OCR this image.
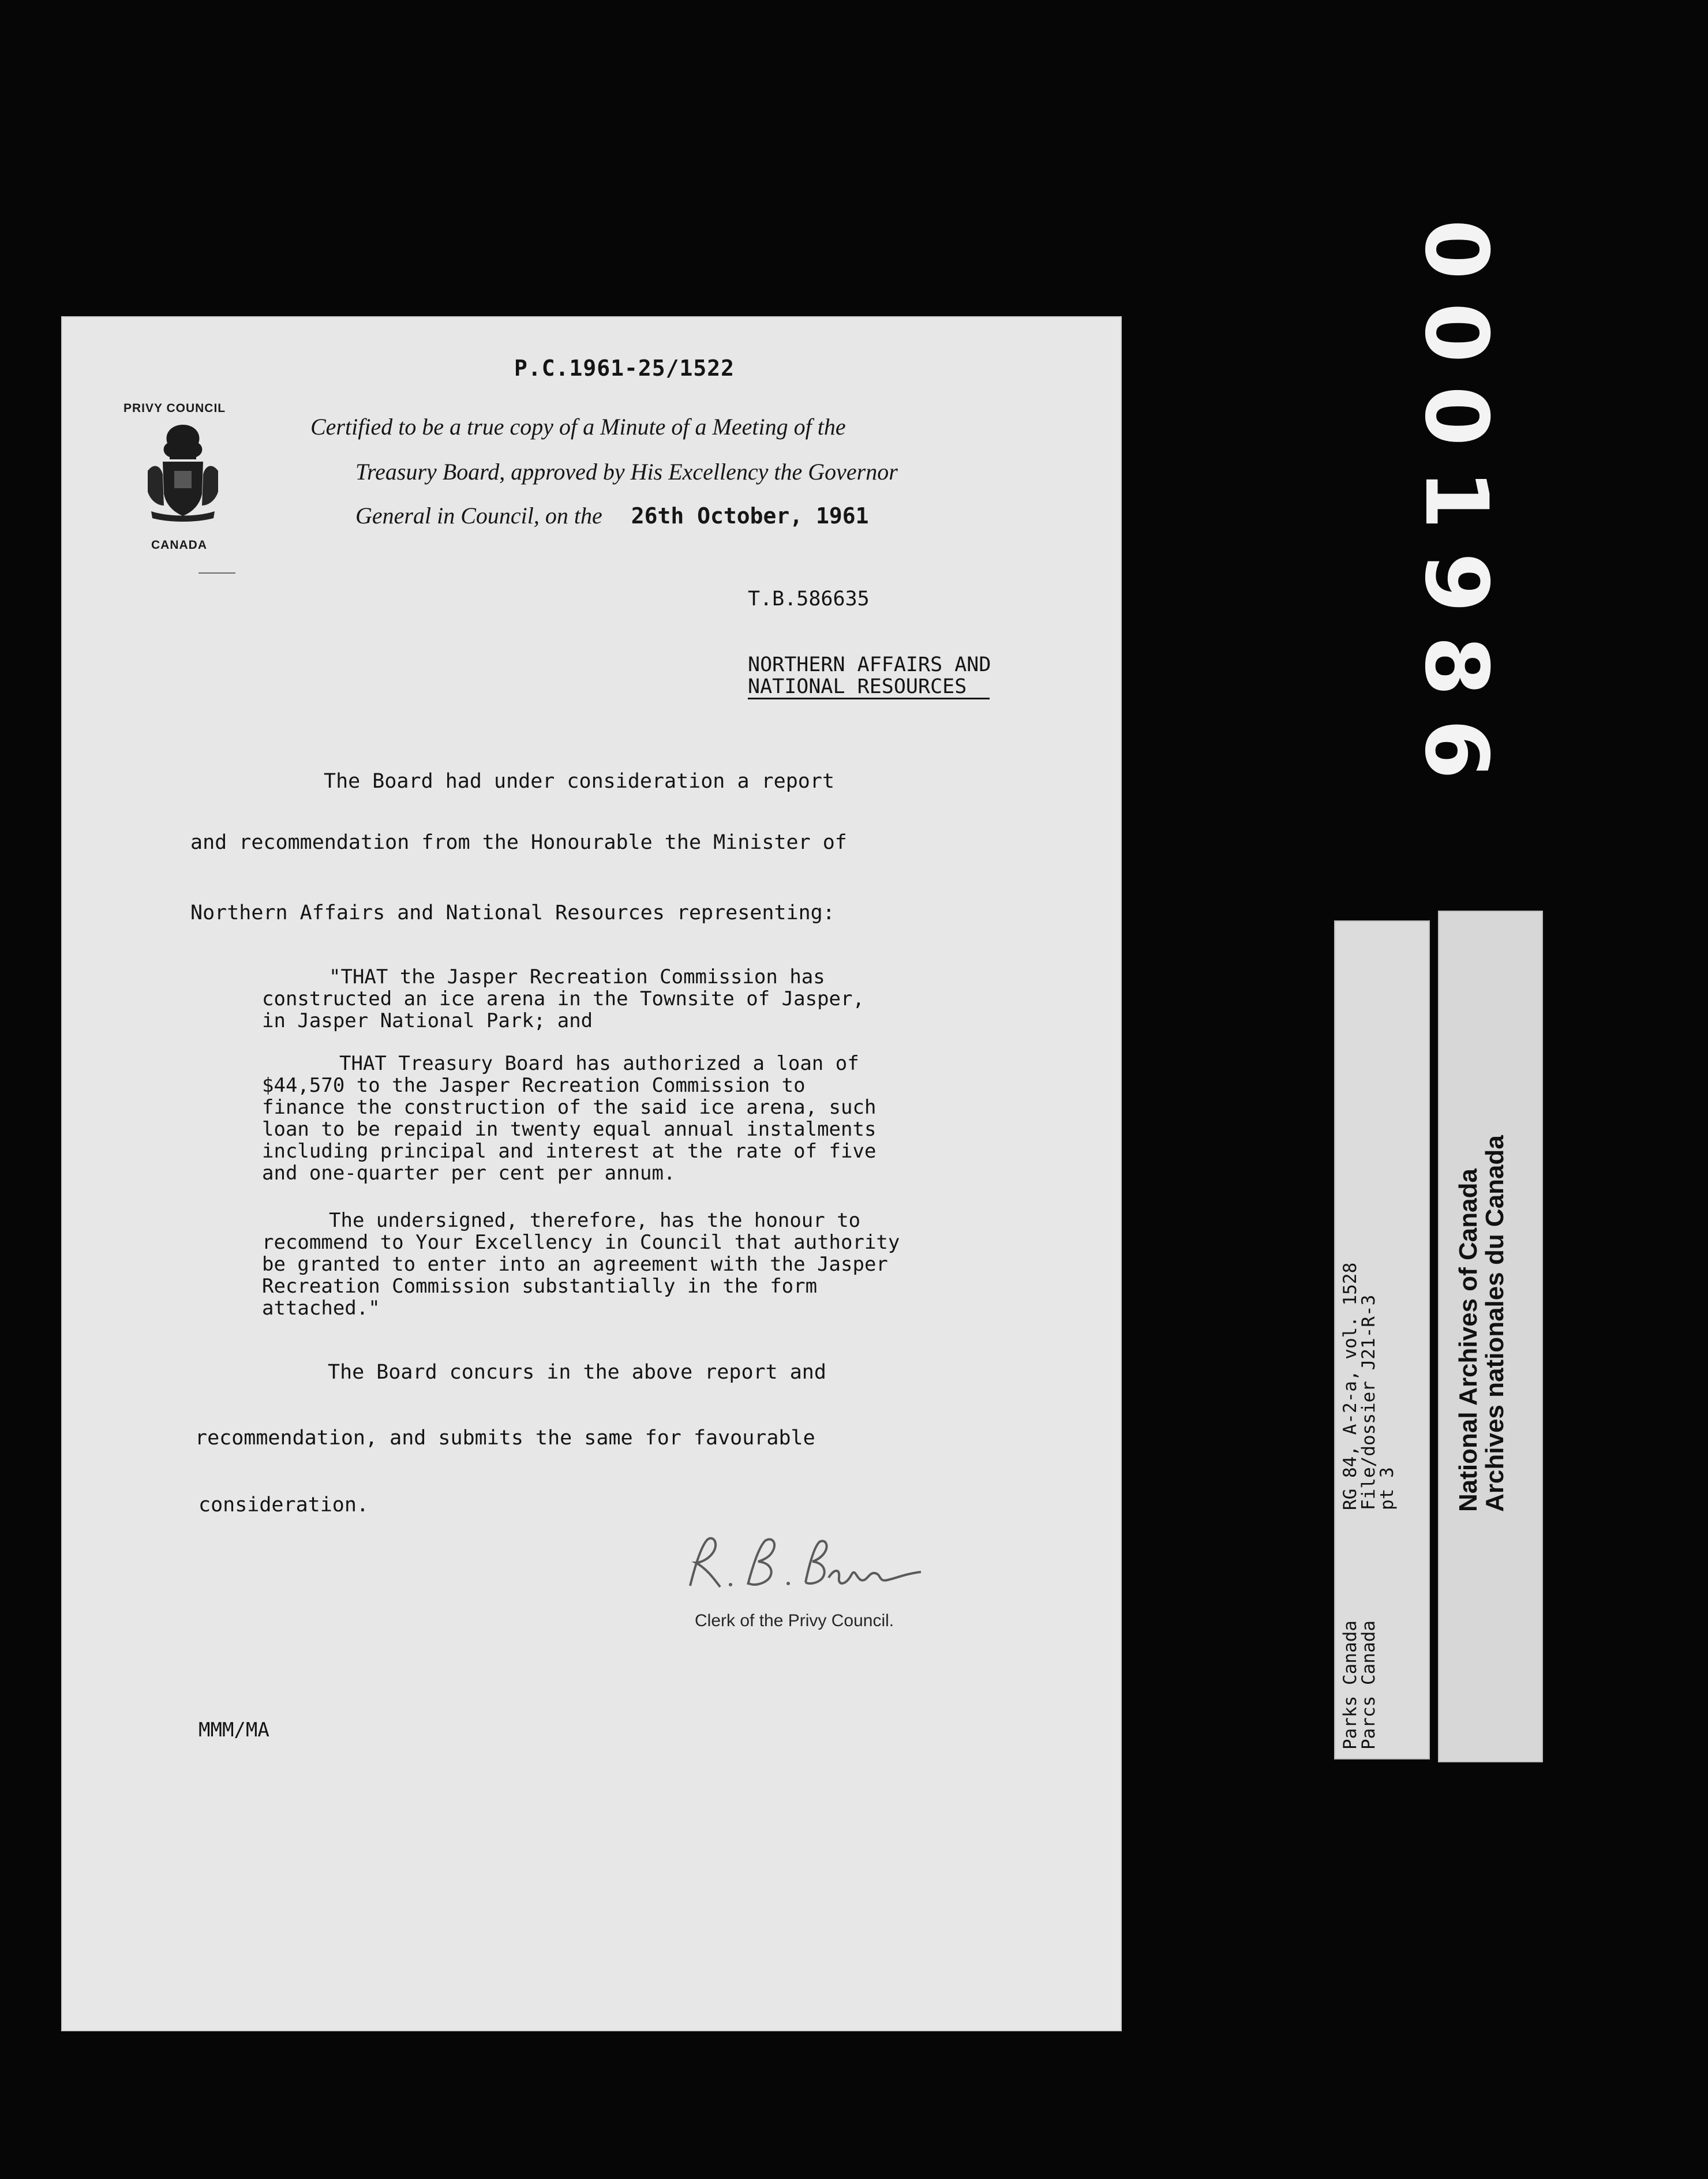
0001986
RG 84, A-2-a, vol. 1528
File/dossier J21-R-3
pt 3
Parks Canada
Parcs Canada
National Archives of Canada
Archives nationales du Canada
P.C.1961-25/1522
PRIVY COUNCIL
CANADA
Certified to be a true copy of a Minute of a Meeting of the
Treasury Board, approved by His Excellency the Governor
General in Council, on the 26th October, 1961
T.B.586635
NORTHERN AFFAIRS AND
NATIONAL RESOURCES
The Board had under consideration a report
and recommendation from the Honourable the Minister of
Northern Affairs and National Resources representing:
"THAT the Jasper Recreation Commission has
constructed an ice arena in the Townsite of Jasper,
in Jasper National Park; and
THAT Treasury Board has authorized a loan of
$44,570 to the Jasper Recreation Commission to
finance the construction of the said ice arena, such
loan to be repaid in twenty equal annual instalments
including principal and interest at the rate of five
and one-quarter per cent per annum.
The undersigned, therefore, has the honour to
recommend to Your Excellency in Council that authority
be granted to enter into an agreement with the Jasper
Recreation Commission substantially in the form
attached."
The Board concurs in the above report and
recommendation, and submits the same for favourable
consideration.
Clerk of the Privy Council.
MMM/MA
